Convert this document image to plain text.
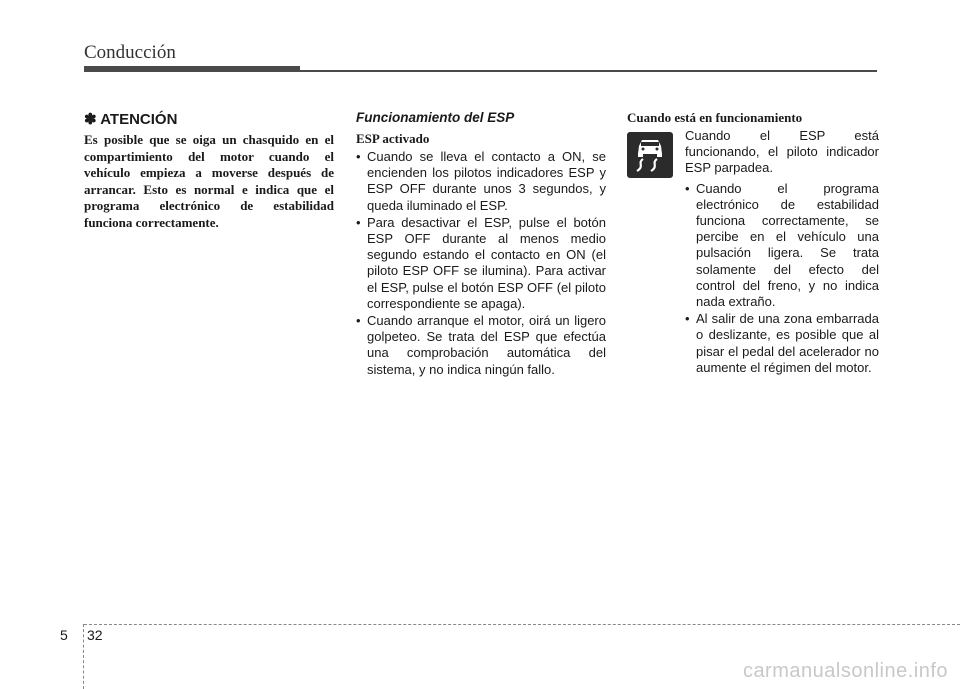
Conducción
✽ ATENCIÓN

Es posible que se oiga un chasquido en el compartimiento del motor cuando el vehículo empieza a moverse después de arrancar. Esto es normal e indica que el programa electrónico de estabilidad funciona correctamente.

Funcionamiento del ESP
ESP activado
• Cuando se lleva el contacto a ON, se encienden los pilotos indicadores ESP y ESP OFF durante unos 3 segundos, y queda iluminado el ESP.
• Para desactivar el ESP, pulse el botón ESP OFF durante al menos medio segundo estando el contacto en ON (el piloto ESP OFF se ilumina). Para activar el ESP, pulse el botón ESP OFF (el piloto correspondiente se apaga).
• Cuando arranque el motor, oirá un ligero golpeteo. Se trata del ESP que efectúa una comprobación automática del sistema, y no indica ningún fallo.
Cuando está en funcionamiento

Cuando el ESP está funcionando, el piloto indicador ESP parpadea.

• Cuando el programa electrónico de estabilidad funciona correctamente, se percibe en el vehículo una pulsación ligera. Se trata solamente del efecto del control del freno, y no indica nada extraño.
• Al salir de una zona embarrada o deslizante, es posible que al pisar el pedal del acelerador no aumente el régimen del motor.
5 32
carmanualsonline.info
